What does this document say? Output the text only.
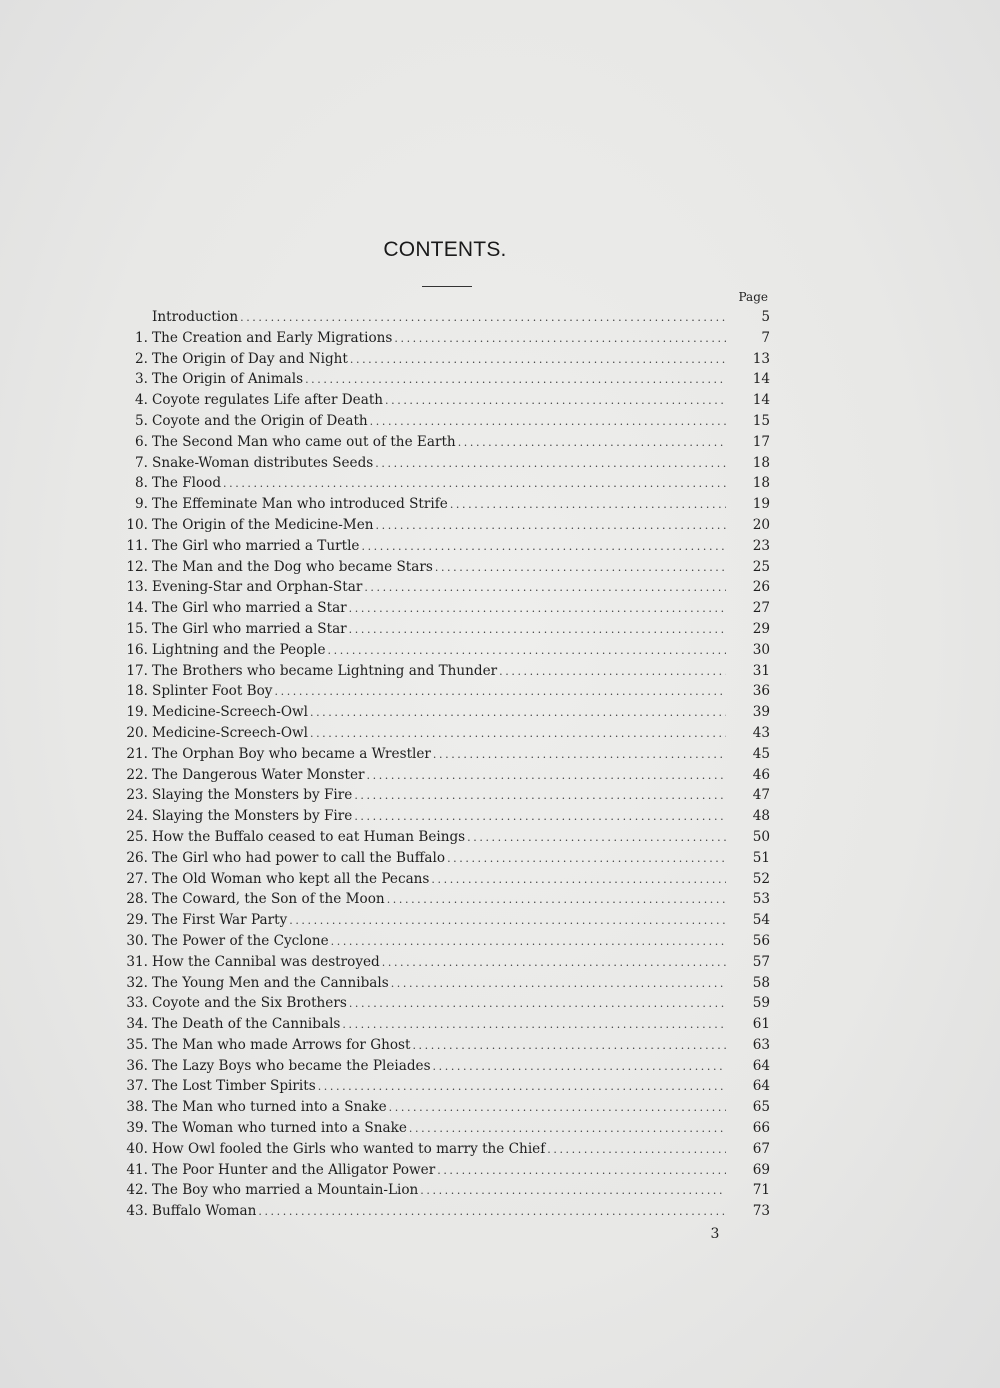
CONTENTS.
Page
Introduction .....	5
1. The Creation and Early Migrations .....	7
2. The Origin of Day and Night .....	13
3. The Origin of Animals .....	14
4. Coyote regulates Life after Death .....	14
5. Coyote and the Origin of Death .....	15
6. The Second Man who came out of the Earth .....	17
7. Snake-Woman distributes Seeds .....	18
8. The Flood .....	18
9. The Effeminate Man who introduced Strife .....	19
10. The Origin of the Medicine-Men .....	20
11. The Girl who married a Turtle .....	23
12. The Man and the Dog who became Stars .....	25
13. Evening-Star and Orphan-Star .....	26
14. The Girl who married a Star .....	27
15. The Girl who married a Star .....	29
16. Lightning and the People .....	30
17. The Brothers who became Lightning and Thunder .....	31
18. Splinter Foot Boy .....	36
19. Medicine-Screech-Owl .....	39
20. Medicine-Screech-Owl .....	43
21. The Orphan Boy who became a Wrestler .....	45
22. The Dangerous Water Monster .....	46
23. Slaying the Monsters by Fire .....	47
24. Slaying the Monsters by Fire .....	48
25. How the Buffalo ceased to eat Human Beings .....	50
26. The Girl who had power to call the Buffalo .....	51
27. The Old Woman who kept all the Pecans .....	52
28. The Coward, the Son of the Moon .....	53
29. The First War Party .....	54
30. The Power of the Cyclone .....	56
31. How the Cannibal was destroyed .....	57
32. The Young Men and the Cannibals .....	58
33. Coyote and the Six Brothers .....	59
34. The Death of the Cannibals .....	61
35. The Man who made Arrows for Ghost .....	63
36. The Lazy Boys who became the Pleiades .....	64
37. The Lost Timber Spirits .....	64
38. The Man who turned into a Snake .....	65
39. The Woman who turned into a Snake .....	66
40. How Owl fooled the Girls who wanted to marry the Chief .....	67
41. The Poor Hunter and the Alligator Power .....	69
42. The Boy who married a Mountain-Lion .....	71
43. Buffalo Woman .....	73
3
